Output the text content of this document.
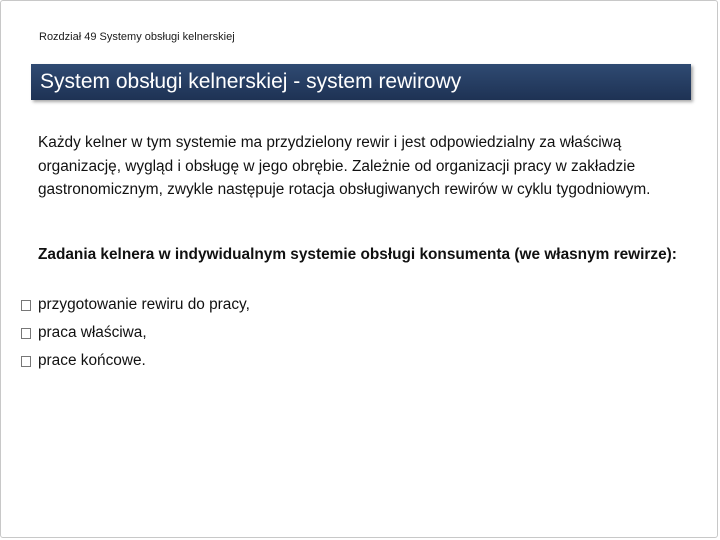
Rozdział 49 Systemy obsługi kelnerskiej
System obsługi kelnerskiej - system rewirowy
Każdy kelner w tym systemie ma przydzielony rewir i jest odpowiedzialny za właściwą organizację, wygląd i obsługę w jego obrębie. Zależnie od organizacji pracy w zakładzie gastronomicznym, zwykle następuje rotacja obsługiwanych rewirów w cyklu tygodniowym.
Zadania kelnera w indywidualnym systemie obsługi konsumenta (we własnym rewirze):
przygotowanie rewiru do pracy,
praca właściwa,
prace końcowe.
